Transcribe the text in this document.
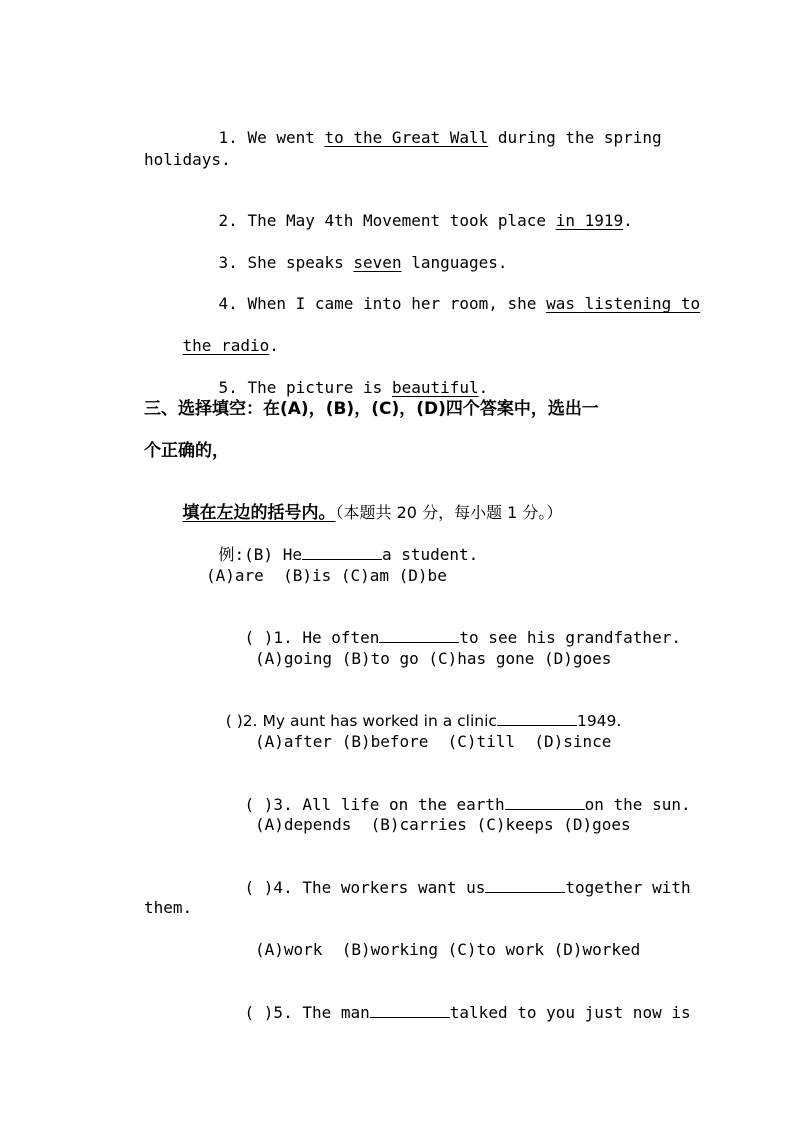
1. We went to the Great Wall during the spring

holidays.

2. The May 4th Movement took place in 1919.

3. She speaks seven languages.

4. When I came into her room, she was listening to

the radio.

5. The picture is beautiful.

三、选择填空：在(A)，(B)，(C)，(D)四个答案中，选出一
个正确的，

填在左边的括号内。（本题共 20 分，每小题 1 分。）

例:(B) He	a student.

(A)are  (B)is (C)am (D)be

( )1. He often	to see his grandfather.

(A)going (B)to go (C)has gone (D)goes

( )2. My aunt has worked in a clinic	1949.

(A)after (B)before  (C)till  (D)since

( )3. All life on the earth	on the sun.

(A)depends  (B)carries (C)keeps (D)goes

( )4. The workers want us	together with

them.
(A)work  (B)working (C)to work (D)worked

( )5. The man	talked to you just now is
